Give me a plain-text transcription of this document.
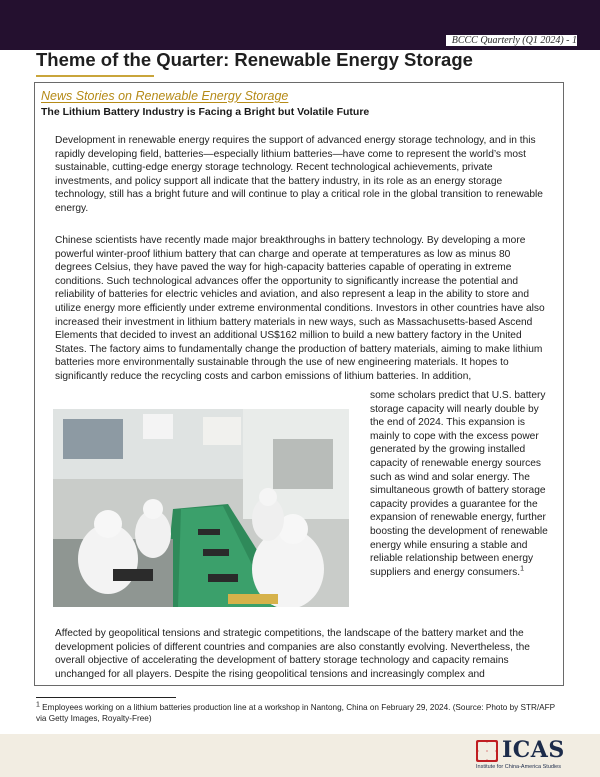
BCCC Quarterly (Q1 2024) - 1
Theme of the Quarter: Renewable Energy Storage
News Stories on Renewable Energy Storage
The Lithium Battery Industry is Facing a Bright but Volatile Future

Development in renewable energy requires the support of advanced energy storage technology, and in this rapidly developing field, batteries—especially lithium batteries—have come to represent the world’s most sustainable, cutting-edge energy storage technology. Recent technological achievements, private investments, and policy support all indicate that the battery industry, in its role as an energy storage technology, still has a bright future and will continue to play a critical role in the global transition to renewable energy.

Chinese scientists have recently made major breakthroughs in battery technology. By developing a more powerful winter-proof lithium battery that can charge and operate at temperatures as low as minus 80 degrees Celsius, they have paved the way for high-capacity batteries capable of operating in extreme conditions. Such technological advances offer the opportunity to significantly increase the potential and reliability of batteries for electric vehicles and aviation, and also represent a leap in the ability to store and utilize energy more efficiently under extreme environmental conditions. Investors in other countries have also increased their investment in lithium battery materials in new ways, such as Massachusetts-based Ascend Elements that decided to invest an additional US$162 million to build a new battery factory in the United States. The factory aims to fundamentally change the production of battery materials, aiming to make lithium batteries more environmentally sustainable through the use of new engineering materials. It hopes to significantly reduce the recycling costs and carbon emissions of lithium batteries. In addition,

some scholars predict that U.S. battery storage capacity will nearly double by the end of 2024. This expansion is mainly to cope with the excess power generated by the growing installed capacity of renewable energy sources such as wind and solar energy. The simultaneous growth of battery storage capacity provides a guarantee for the expansion of renewable energy, further boosting the development of renewable energy while ensuring a stable and reliable relationship between energy suppliers and energy consumers.$^1$

Affected by geopolitical tensions and strategic competitions, the landscape of the battery market and the development policies of different countries and companies are also constantly evolving. Nevertheless, the overall objective of accelerating the development of battery storage technology and capacity remains unchanged for all players. Despite the rising geopolitical tensions and increasingly complex and

1 Employees working on a lithium batteries production line at a workshop in Nantong, China on February 29, 2024. (Source: Photo by STR/AFP via Getty Images, Royalty-Free)

ICAS
Institute for China-America Studies
